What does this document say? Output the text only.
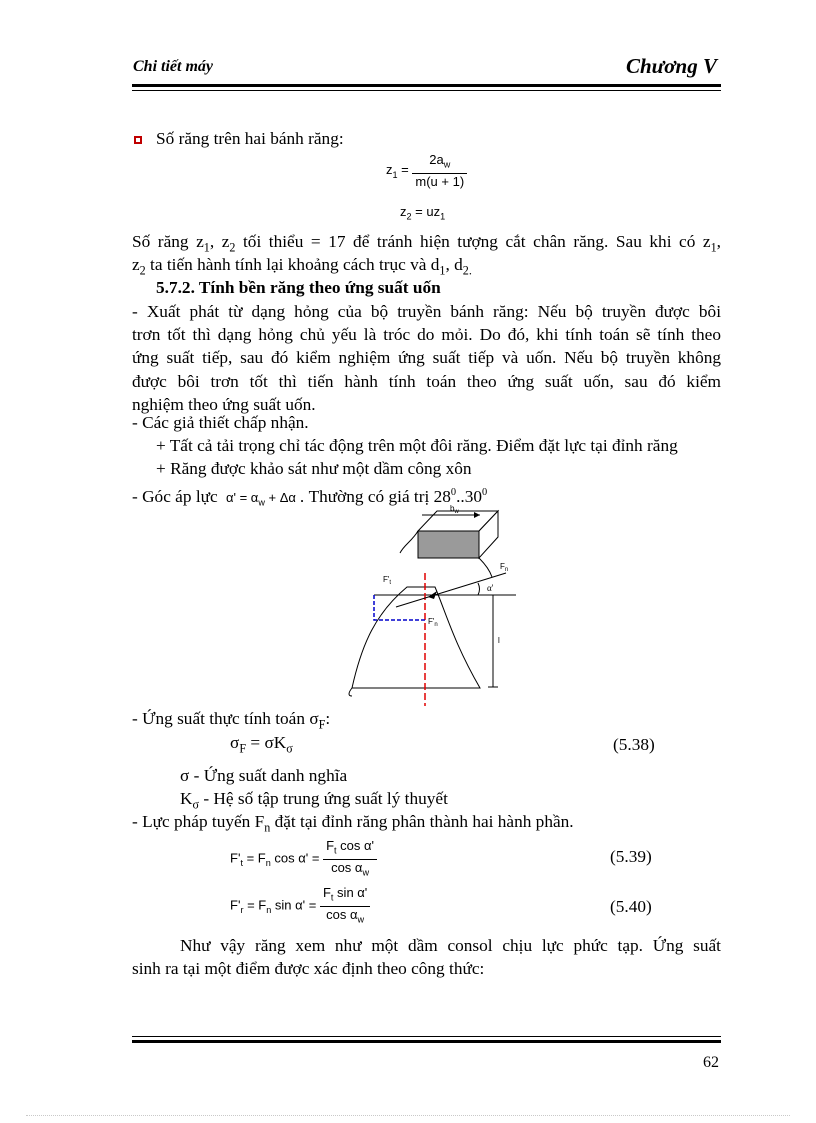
Chi tiết máy	Chương V
Số răng trên hai bánh răng:
$z_1 = \frac{2a_w}{m(u + 1)}$
$z_2 = uz_1$
Số răng $z_1$, $z_2$ tối thiểu = 17 để tránh hiện tượng cắt chân răng. Sau khi có $z_1$,
$z_2$ ta tiến hành tính lại khoảng cách trục và $d_1$, $d_{2.}$
5.7.2. Tính bền răng theo ứng suất uốn
- Xuất phát từ dạng hỏng của bộ truyền bánh răng: Nếu bộ truyền được bôi
trơn tốt thì dạng hỏng chủ yếu là tróc do mỏi. Do đó, khi tính toán sẽ tính theo
ứng suất tiếp, sau đó kiểm nghiệm ứng suất tiếp và uốn. Nếu bộ truyền không
được bôi trơn tốt thì tiến hành tính toán theo ứng suất uốn, sau đó kiểm
nghiệm theo ứng suất uốn.
- Các giả thiết chấp nhận.
+ Tất cả tải trọng chỉ tác động trên một đôi răng. Điểm đặt lực tại đỉnh răng
+ Răng được khảo sát như một dầm công xôn
- Góc áp lực $\alpha' = \alpha_w + \Delta\alpha$ . Thường có giá trị $28^0..30^0$
$b_w$
$F_n$
$F'_t$
$F'_n$
α'
l
- Ứng suất thực tính toán $\sigma_F$:
$\sigma_F = \sigma K_\sigma$	(5.38)
σ - Ứng suất danh nghĩa
$K_\sigma$ - Hệ số tập trung ứng suất lý thuyết
- Lực pháp tuyến $F_n$ đặt tại đỉnh răng phân thành hai hành phần.
$F'_t = F_n$ $\cos \alpha' = \frac{F_t \cos \alpha'}{\cos \alpha_w}$	(5.39)
$F'_r = F_n$ $\sin \alpha' = \frac{F_t \sin \alpha'}{\cos \alpha_w}$	(5.40)
Như vậy răng xem như một dầm consol chịu lực phức tạp. Ứng suất
sinh ra tại một điểm được xác định theo công thức:
62
